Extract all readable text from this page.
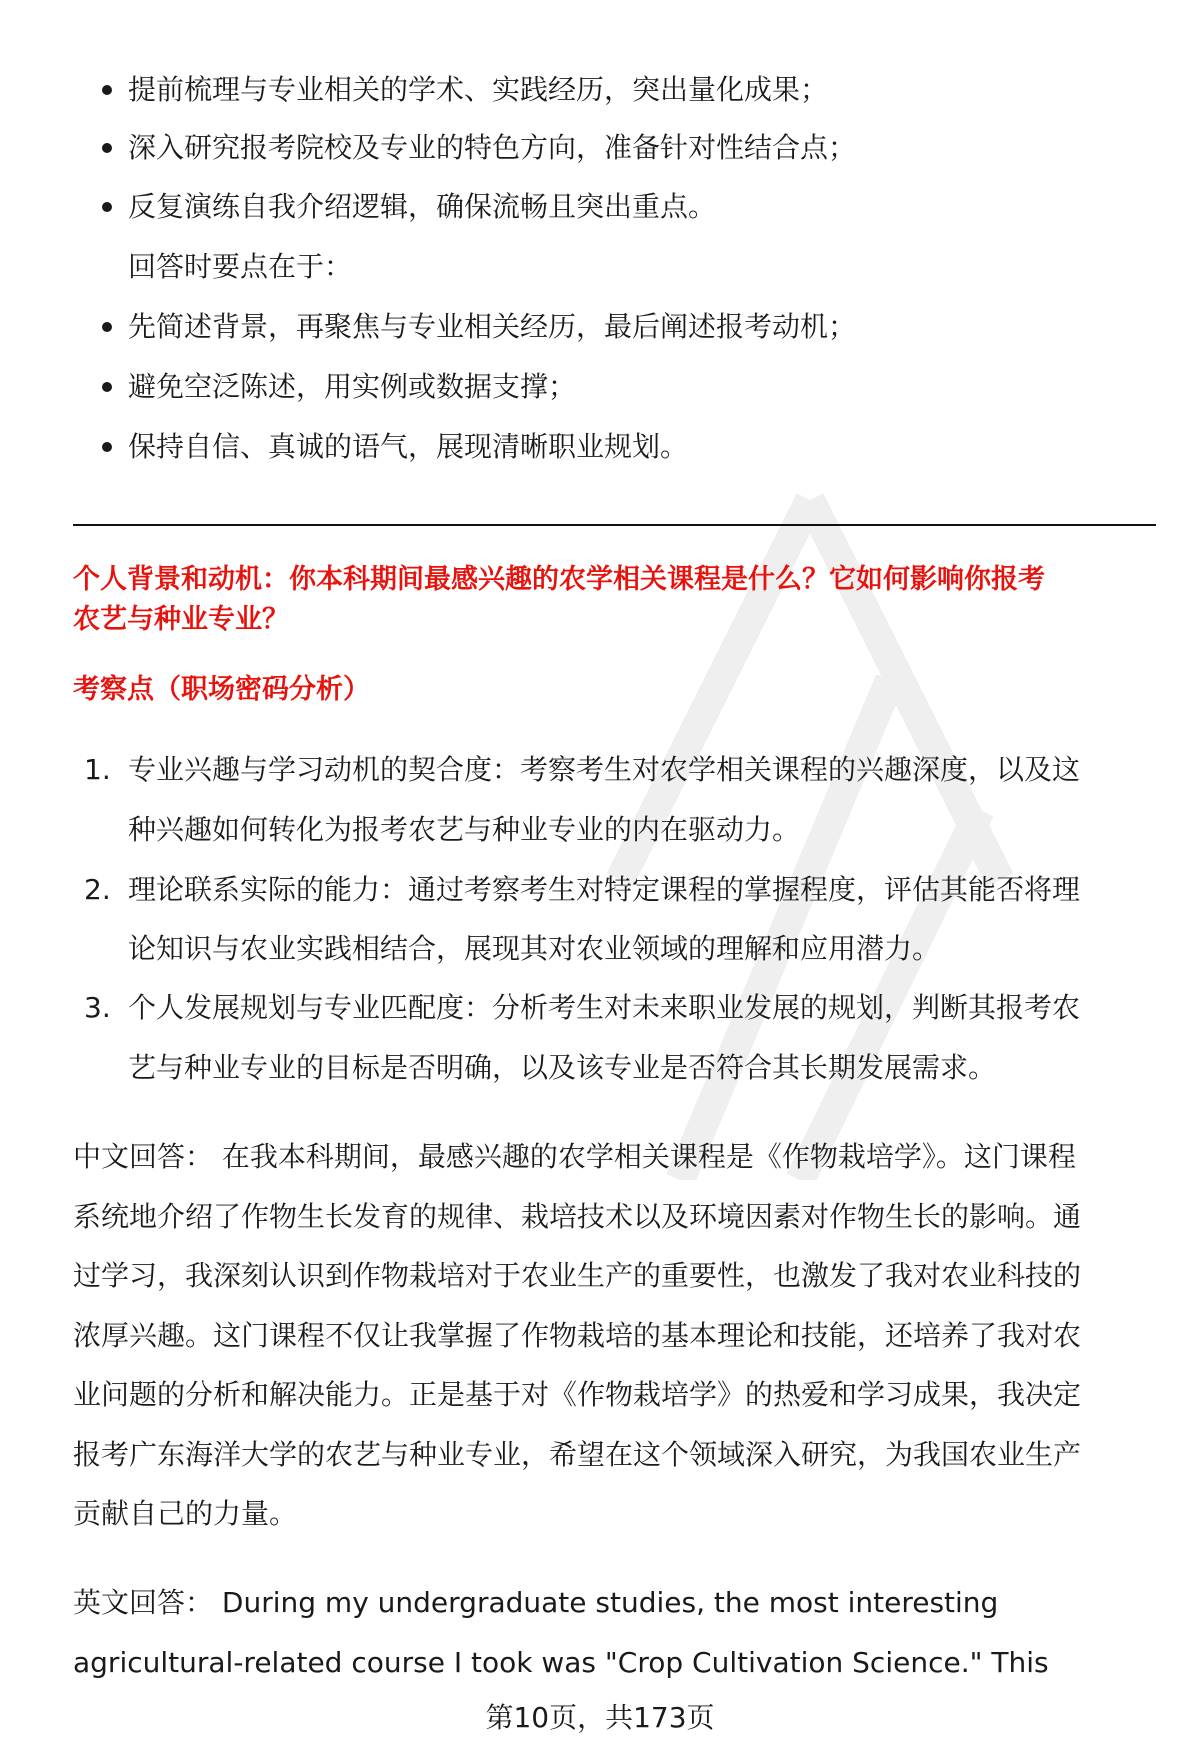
提前梳理与专业相关的学术、实践经历，突出量化成果；
深入研究报考院校及专业的特色方向，准备针对性结合点；
反复演练自我介绍逻辑，确保流畅且突出重点。
回答时要点在于：
先简述背景，再聚焦与专业相关经历，最后阐述报考动机；
避免空泛陈述，用实例或数据支撑；
保持自信、真诚的语气，展现清晰职业规划。
个人背景和动机：你本科期间最感兴趣的农学相关课程是什么？它如何影响你报考
农艺与种业专业？
考察点（职场密码分析）
1. 专业兴趣与学习动机的契合度：考察考生对农学相关课程的兴趣深度，以及这
种兴趣如何转化为报考农艺与种业专业的内在驱动力。
2. 理论联系实际的能力：通过考察考生对特定课程的掌握程度，评估其能否将理
论知识与农业实践相结合，展现其对农业领域的理解和应用潜力。
3. 个人发展规划与专业匹配度：分析考生对未来职业发展的规划，判断其报考农
艺与种业专业的目标是否明确，以及该专业是否符合其长期发展需求。
中文回答： 在我本科期间，最感兴趣的农学相关课程是《作物栽培学》。这门课程
系统地介绍了作物生长发育的规律、栽培技术以及环境因素对作物生长的影响。通
过学习，我深刻认识到作物栽培对于农业生产的重要性，也激发了我对农业科技的
浓厚兴趣。这门课程不仅让我掌握了作物栽培的基本理论和技能，还培养了我对农
业问题的分析和解决能力。正是基于对《作物栽培学》的热爱和学习成果，我决定
报考广东海洋大学的农艺与种业专业，希望在这个领域深入研究，为我国农业生产
贡献自己的力量。
英文回答： During my undergraduate studies, the most interesting
agricultural-related course I took was "Crop Cultivation Science." This
第10页，共173页
